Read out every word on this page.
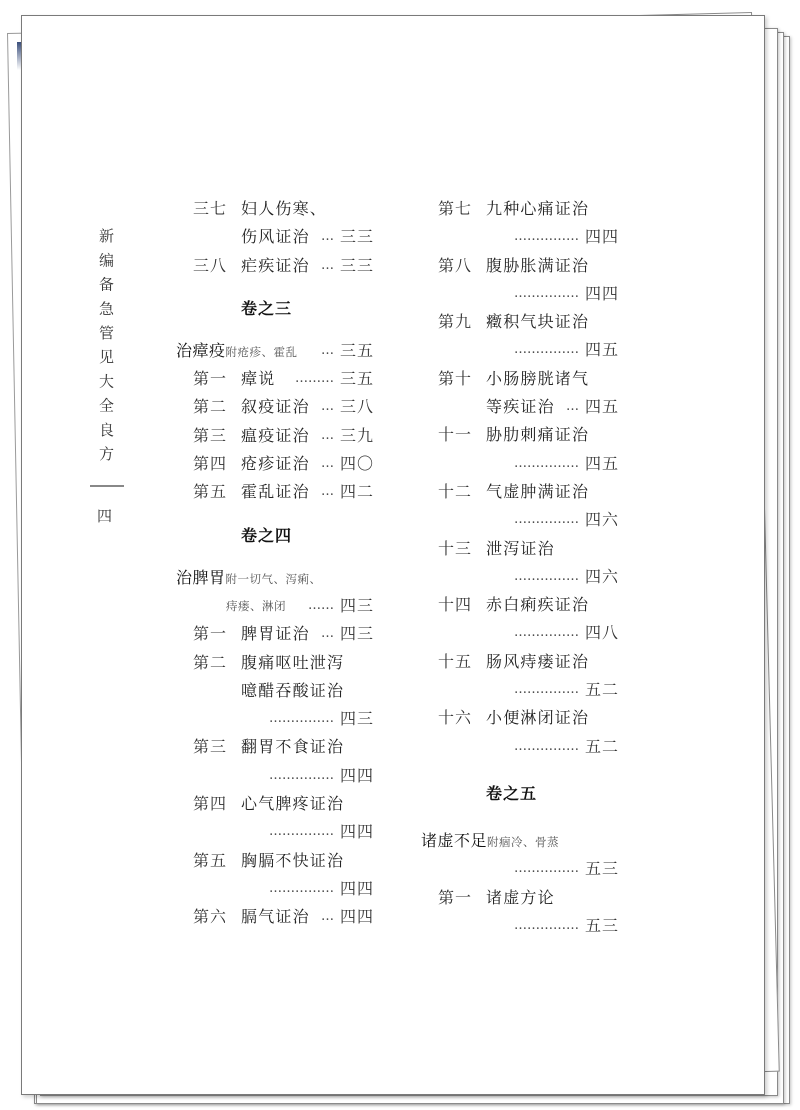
新编备急管见大全良方
四
三七 妇人伤寒、
伤风证治 … 三三
三八 疟疾证治 … 三三
卷之三
治瘴疫附疮疹、霍乱 … 三五
第一 瘴说 ……… 三五
第二 叙疫证治 … 三八
第三 瘟疫证治 … 三九
第四 疮疹证治 … 四〇
第五 霍乱证治 … 四二
卷之四
治脾胃附一切气、泻痢、
痔瘘、淋闭 …… 四三
第一 脾胃证治 … 四三
第二 腹痛呕吐泄泻
噫醋吞酸证治
…………… 四三
第三 翻胃不食证治
…………… 四四
第四 心气脾疼证治
…………… 四四
第五 胸膈不快证治
…………… 四四
第六 膈气证治 … 四四
第七 九种心痛证治
…………… 四四
第八 腹胁胀满证治
…………… 四四
第九 癥积气块证治
…………… 四五
第十 小肠膀胱诸气
等疾证治 … 四五
十一 胁肋刺痛证治
…………… 四五
十二 气虚肿满证治
…………… 四六
十三 泄泻证治
…………… 四六
十四 赤白痢疾证治
…………… 四八
十五 肠风痔瘘证治
…………… 五二
十六 小便淋闭证治
…………… 五二
卷之五
诸虚不足附痼冷、骨蒸
…………… 五三
第一 诸虚方论
…………… 五三
